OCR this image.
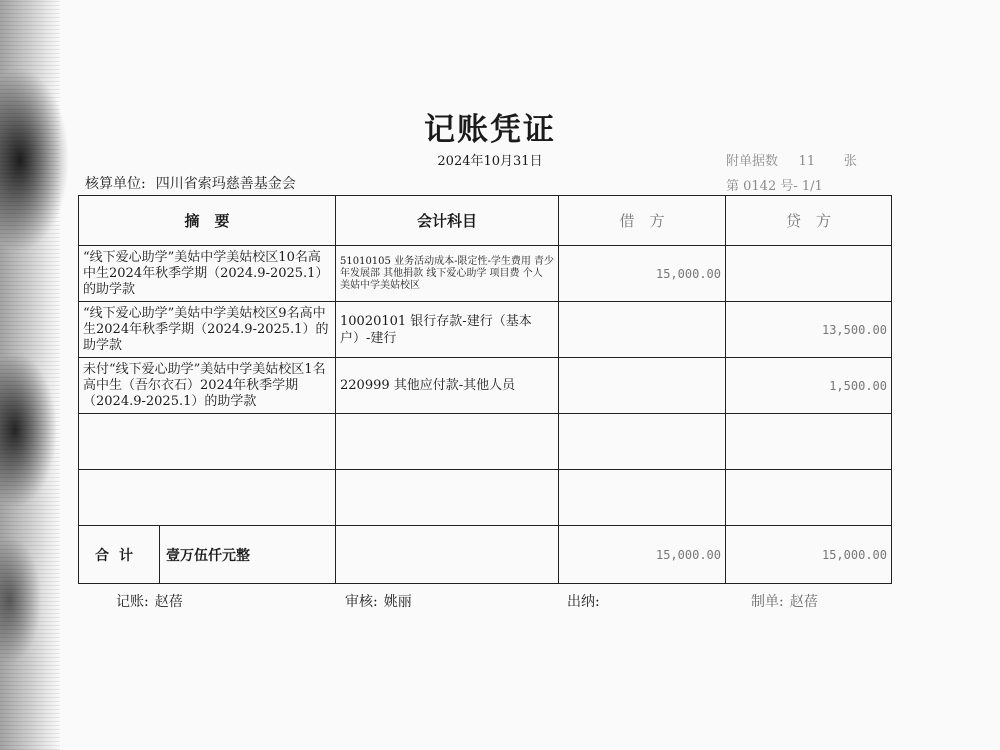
记账凭证
2024年10月31日
核算单位: 四川省索玛慈善基金会
附单据数 11 张
第 0142 号- 1/1
摘　要	会计科目	借　方	贷　方
“线下爱心助学”美姑中学美姑校区10名高中生2024年秋季学期（2024.9-2025.1）的助学款	51010105 业务活动成本-限定性-学生费用 青少年发展部 其他捐款 线下爱心助学 项目费 个人 美姑中学美姑校区	15,000.00	
“线下爱心助学”美姑中学美姑校区9名高中生2024年秋季学期（2024.9-2025.1）的助学款	10020101 银行存款-建行（基本户）-建行		13,500.00
未付“线下爱心助学”美姑中学美姑校区1名高中生（吾尔衣石）2024年秋季学期（2024.9-2025.1）的助学款	220999 其他应付款-其他人员		1,500.00

合计 壹万伍仟元整		15,000.00	15,000.00
记账: 赵蓓	审核: 姚丽	出纳:	制单: 赵蓓
